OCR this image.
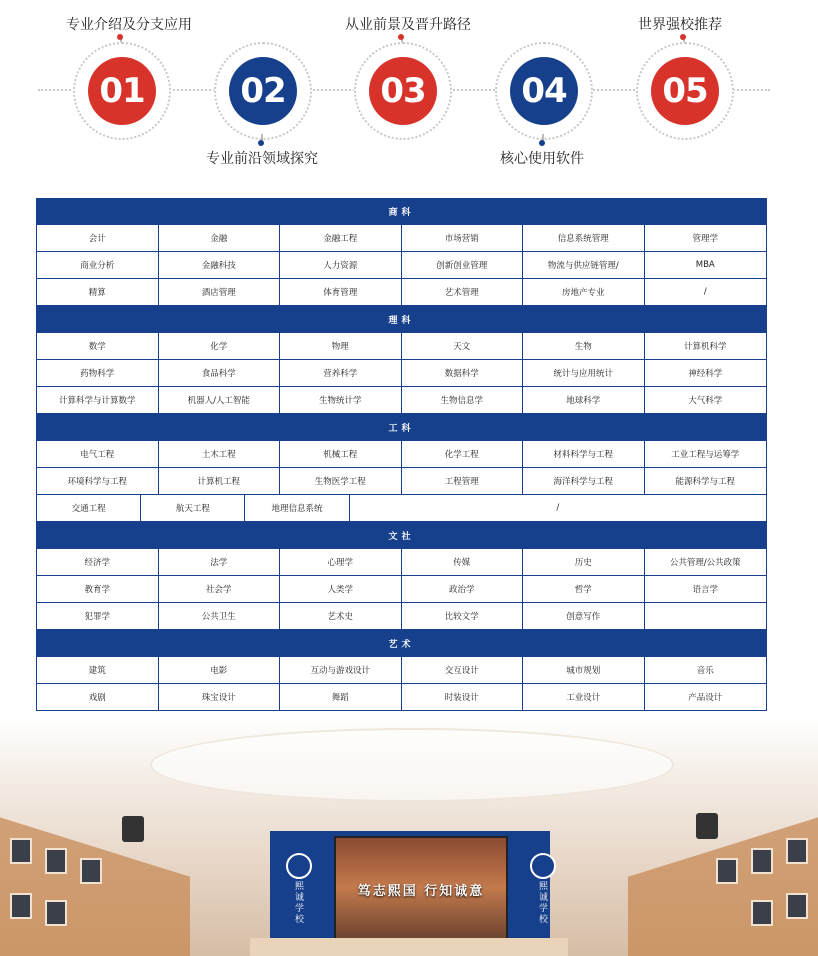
专业介绍及分支应用
01	02
专业前沿领域探究
从业前景及晋升路径
03	04
核心使用软件
世界强校推荐
05
商科
会计	金融	金融工程	市场营销	信息系统管理	管理学
商业分析	金融科技	人力资源	创新创业管理	物流与供应链管理/	MBA
精算	酒店管理	体育管理	艺术管理	房地产专业	/
理科
数学	化学	物理	天文	生物	计算机科学
药物科学	食品科学	营养科学	数据科学	统计与应用统计	神经科学
计算科学与计算数学	机器人/人工智能	生物统计学	生物信息学	地球科学	大气科学
工科
电气工程	土木工程	机械工程	化学工程	材料科学与工程	工业工程与运筹学
环境科学与工程	计算机工程	生物医学工程	工程管理	海洋科学与工程	能源科学与工程
交通工程	航天工程	地理信息系统	/
文社
经济学	法学	心理学	传媒	历史	公共管理/公共政策
教育学	社会学	人类学	政治学	哲学	语言学
犯罪学	公共卫生	艺术史	比较文学	创意写作
艺术
建筑	电影	互动与游戏设计	交互设计	城市规划	音乐
戏剧	珠宝设计	舞蹈	时装设计	工业设计	产品设计
熙诚学校	熙诚学校
笃志熙国 行知诚意
